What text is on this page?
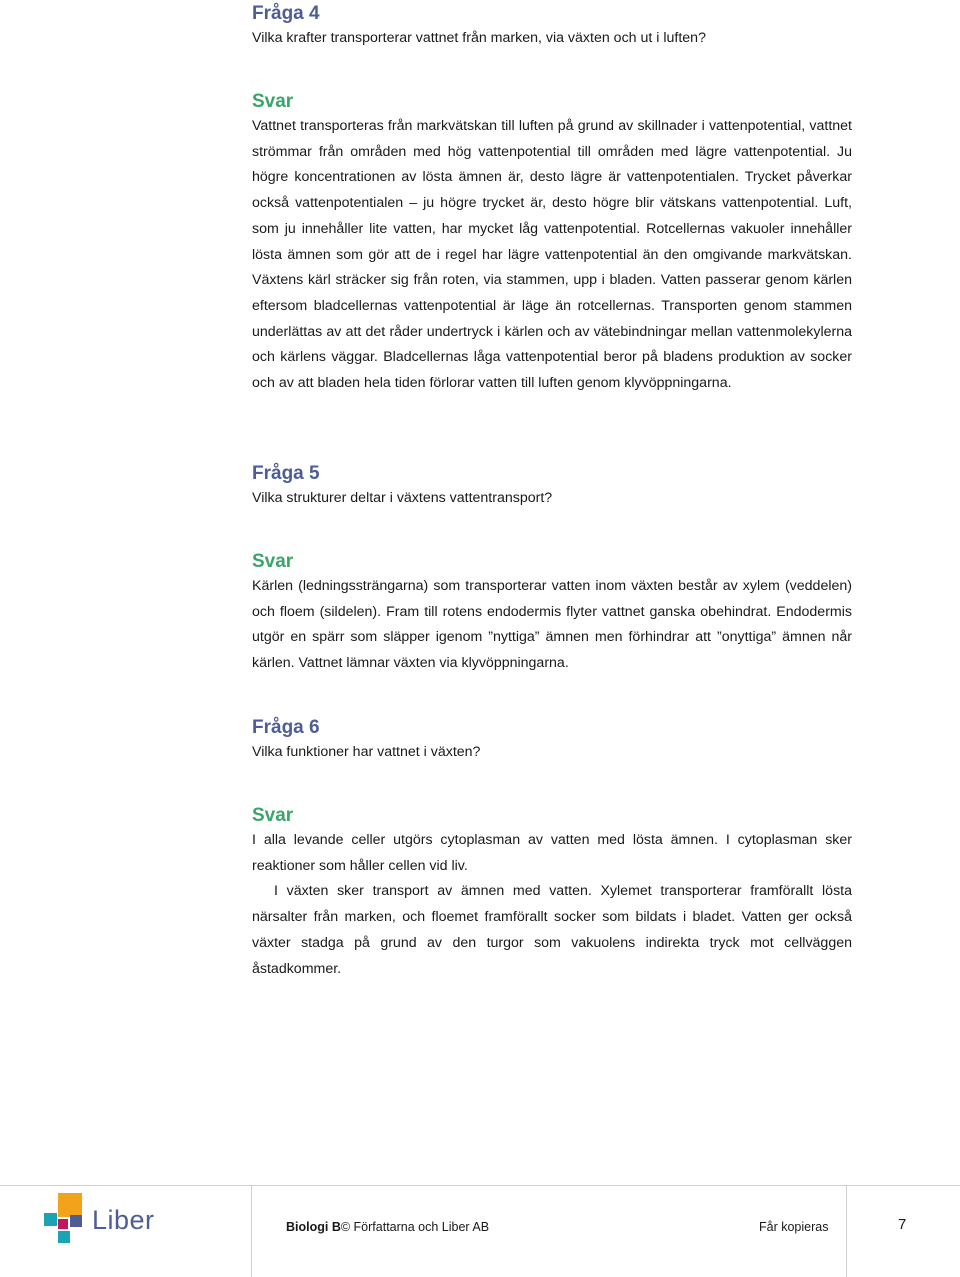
Fråga 4

Vilka krafter transporterar vattnet från marken, via växten och ut i luften?

Svar

Vattnet transporteras från markvätskan till luften på grund av skillnader i vattenpotential, vattnet strömmar från områden med hög vattenpotential till områden med lägre vattenpotential. Ju högre koncentrationen av lösta ämnen är, desto lägre är vattenpotentialen. Trycket påverkar också vattenpotentialen – ju högre trycket är, desto högre blir vätskans vattenpotential. Luft, som ju innehåller lite vatten, har mycket låg vattenpotential. Rotcellernas vakuoler innehåller lösta ämnen som gör att de i regel har lägre vattenpotential än den omgivande markvätskan. Växtens kärl sträcker sig från roten, via stammen, upp i bladen. Vatten passerar genom kärlen eftersom bladcellernas vattenpotential är läge än rotcellernas. Transporten genom stammen underlättas av att det råder undertryck i kärlen och av vätebindningar mellan vattenmolekylerna och kärlens väggar. Bladcellernas låga vattenpotential beror på bladens produktion av socker och av att bladen hela tiden förlorar vatten till luften genom klyvöppningarna.

Fråga 5

Vilka strukturer deltar i växtens vattentransport?

Svar

Kärlen (ledningssträngarna) som transporterar vatten inom växten består av xylem (veddelen) och floem (sildelen). Fram till rotens endodermis flyter vattnet ganska obehindrat. Endodermis utgör en spärr som släpper igenom ”nyttiga” ämnen men förhindrar att ”onyttiga” ämnen når kärlen. Vattnet lämnar växten via klyvöppningarna.

Fråga 6

Vilka funktioner har vattnet i växten?

Svar

I alla levande celler utgörs cytoplasman av vatten med lösta ämnen. I cytoplasman sker reaktioner som håller cellen vid liv.

I växten sker transport av ämnen med vatten. Xylemet transporterar framförallt lösta närsalter från marken, och floemet framförallt socker som bildats i bladet. Vatten ger också växter stadga på grund av den turgor som vakuolens indirekta tryck mot cellväggen åstadkommer.

Liber	Biologi B© Författarna och Liber AB	Får kopieras	7
